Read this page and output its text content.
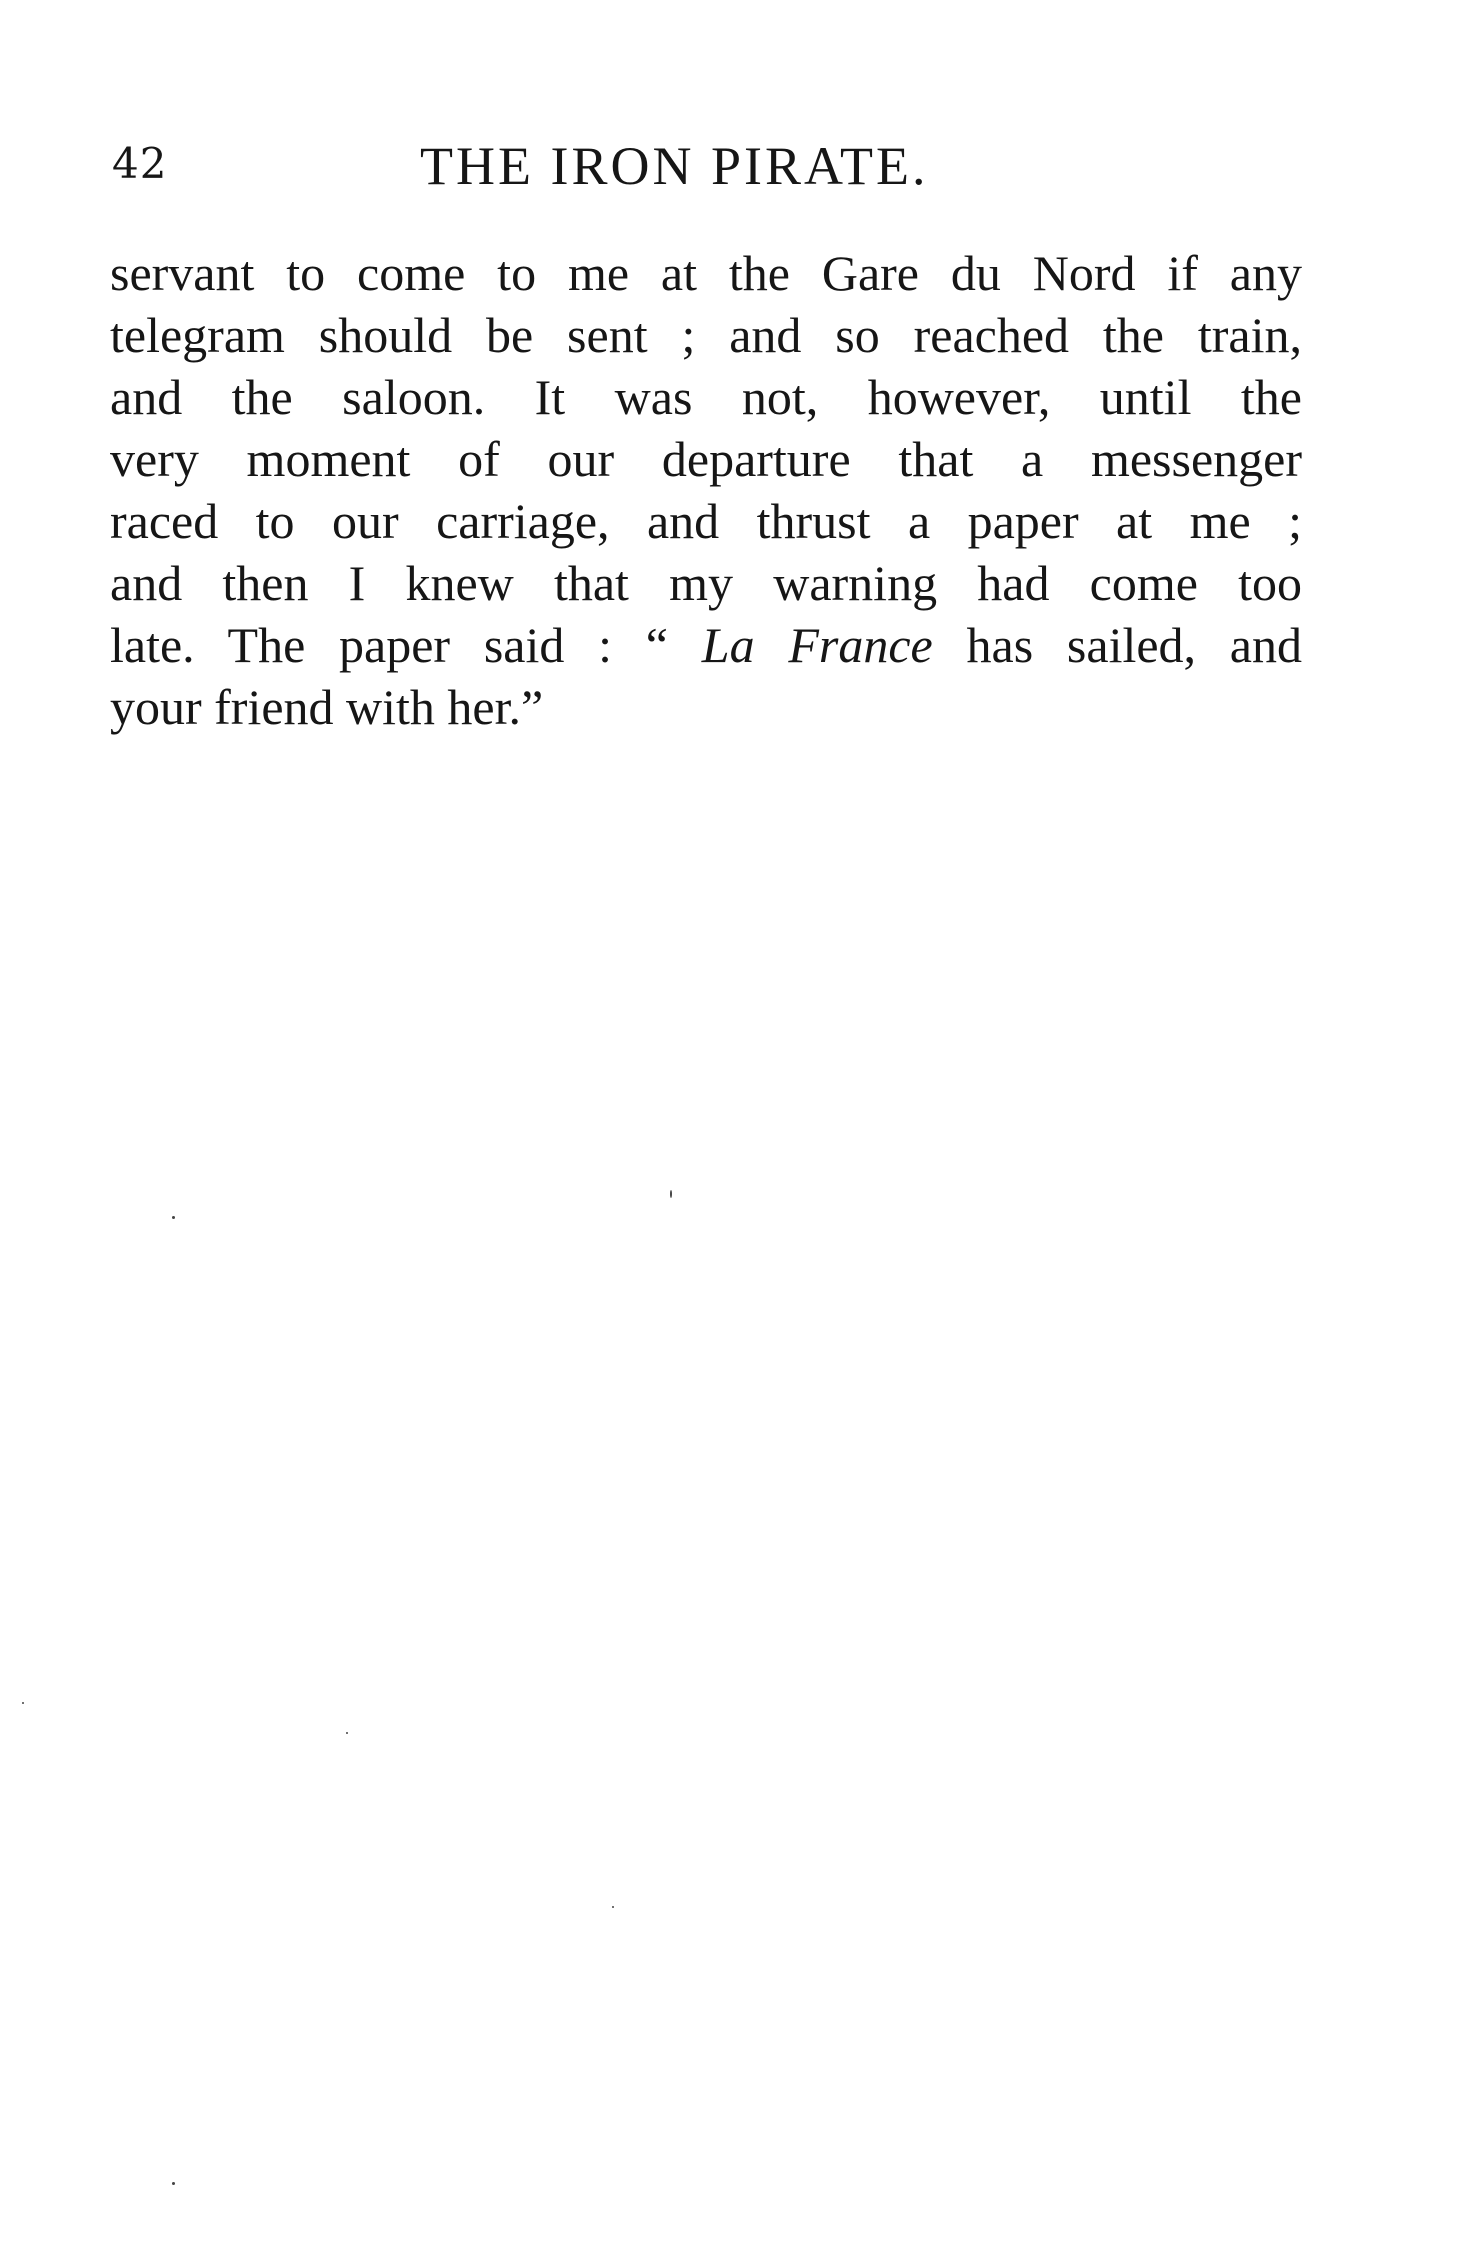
42	THE IRON PIRATE.
servant to come to me at the Gare du Nord if any
telegram should be sent ; and so reached the train,
and the saloon. It was not, however, until the
very moment of our departure that a messenger
raced to our carriage, and thrust a paper at me ;
and then I knew that my warning had come too
late. The paper said : “ La France has sailed, and
your friend with her.”
